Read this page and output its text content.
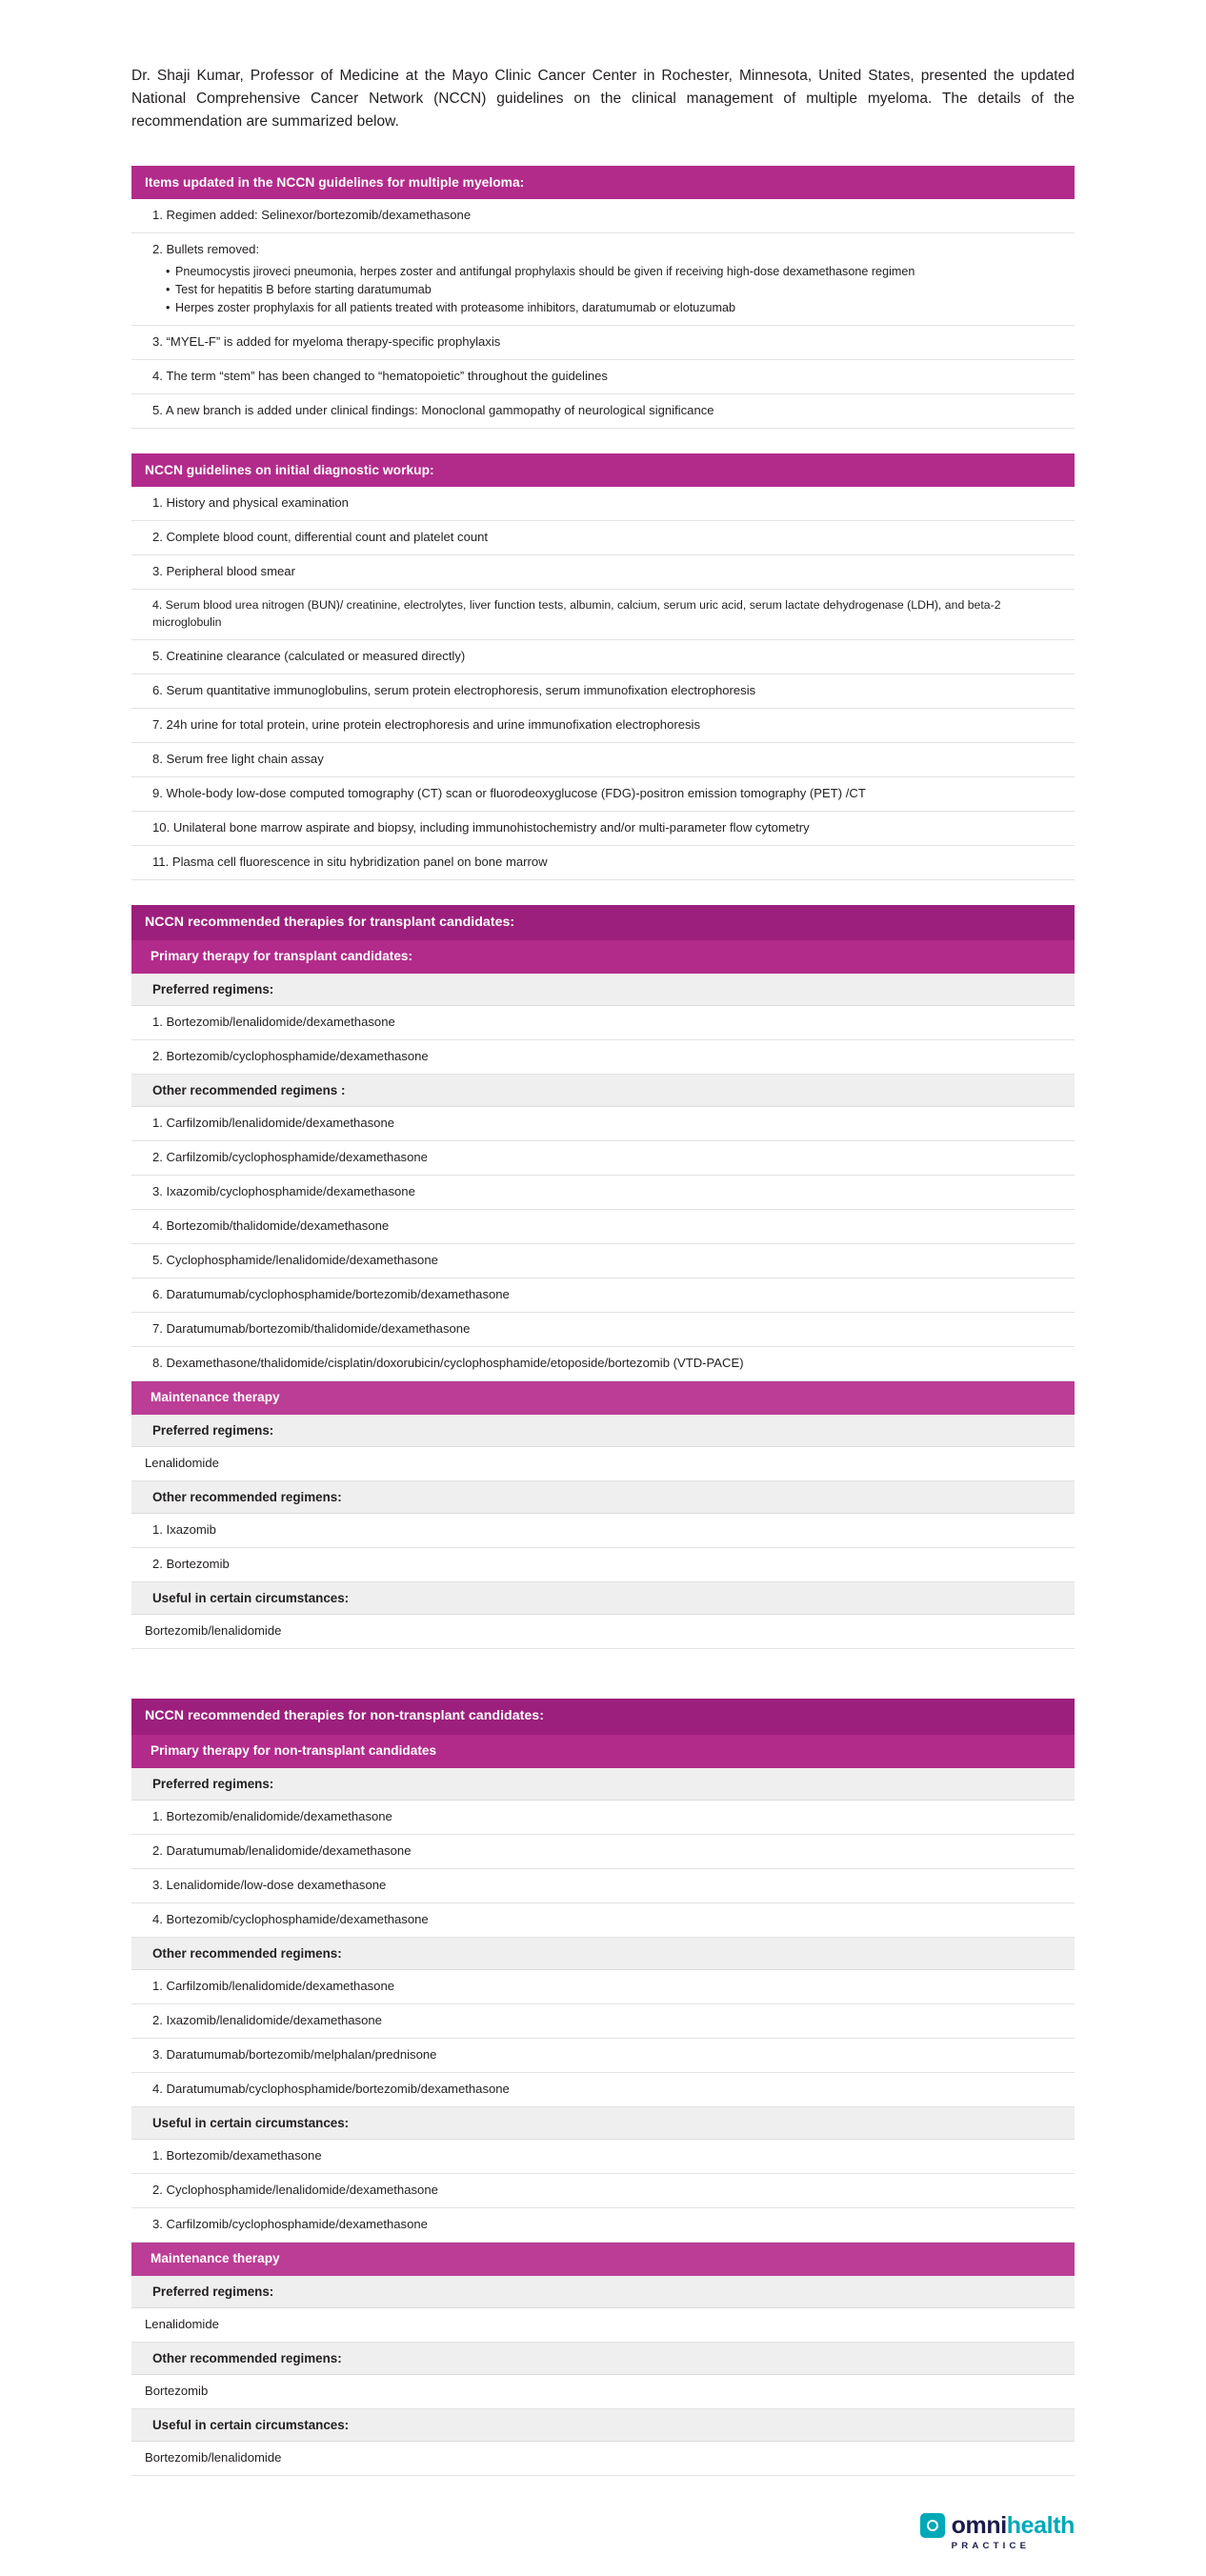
Dr. Shaji Kumar, Professor of Medicine at the Mayo Clinic Cancer Center in Rochester, Minnesota, United States, presented the updated National Comprehensive Cancer Network (NCCN) guidelines on the clinical management of multiple myeloma. The details of the recommendation are summarized below.

Items updated in the NCCN guidelines for multiple myeloma:
1. Regimen added: Selinexor/bortezomib/dexamethasone
2. Bullets removed:
• Pneumocystis jiroveci pneumonia, herpes zoster and antifungal prophylaxis should be given if receiving high-dose dexamethasone regimen
• Test for hepatitis B before starting daratumumab
• Herpes zoster prophylaxis for all patients treated with proteasome inhibitors, daratumumab or elotuzumab
3. “MYEL-F” is added for myeloma therapy-specific prophylaxis
4. The term “stem” has been changed to “hematopoietic” throughout the guidelines
5. A new branch is added under clinical findings: Monoclonal gammopathy of neurological significance
NCCN guidelines on initial diagnostic workup:
1. History and physical examination
2. Complete blood count, differential count and platelet count
3. Peripheral blood smear
4. Serum blood urea nitrogen (BUN)/ creatinine, electrolytes, liver function tests, albumin, calcium, serum uric acid, serum lactate dehydrogenase (LDH), and beta-2 microglobulin
5. Creatinine clearance (calculated or measured directly)
6. Serum quantitative immunoglobulins, serum protein electrophoresis, serum immunofixation electrophoresis
7. 24h urine for total protein, urine protein electrophoresis and urine immunofixation electrophoresis
8. Serum free light chain assay
9. Whole-body low-dose computed tomography (CT) scan or fluorodeoxyglucose (FDG)-positron emission tomography (PET) /CT
10. Unilateral bone marrow aspirate and biopsy, including immunohistochemistry and/or multi-parameter flow cytometry
11. Plasma cell fluorescence in situ hybridization panel on bone marrow
NCCN recommended therapies for transplant candidates:
Primary therapy for transplant candidates:
Preferred regimens:
1. Bortezomib/lenalidomide/dexamethasone
2. Bortezomib/cyclophosphamide/dexamethasone
Other recommended regimens :
1. Carfilzomib/lenalidomide/dexamethasone
2. Carfilzomib/cyclophosphamide/dexamethasone
3. Ixazomib/cyclophosphamide/dexamethasone
4. Bortezomib/thalidomide/dexamethasone
5. Cyclophosphamide/lenalidomide/dexamethasone
6. Daratumumab/cyclophosphamide/bortezomib/dexamethasone
7. Daratumumab/bortezomib/thalidomide/dexamethasone
8. Dexamethasone/thalidomide/cisplatin/doxorubicin/cyclophosphamide/etoposide/bortezomib (VTD-PACE)
Maintenance therapy
Preferred regimens:
Lenalidomide
Other recommended regimens:
1. Ixazomib
2. Bortezomib
Useful in certain circumstances:
Bortezomib/lenalidomide
NCCN recommended therapies for non-transplant candidates:
Primary therapy for non-transplant candidates
Preferred regimens:
1. Bortezomib/enalidomide/dexamethasone
2. Daratumumab/lenalidomide/dexamethasone
3. Lenalidomide/low-dose dexamethasone
4. Bortezomib/cyclophosphamide/dexamethasone
Other recommended regimens:
1. Carfilzomib/lenalidomide/dexamethasone
2. Ixazomib/lenalidomide/dexamethasone
3. Daratumumab/bortezomib/melphalan/prednisone
4. Daratumumab/cyclophosphamide/bortezomib/dexamethasone
Useful in certain circumstances:
1. Bortezomib/dexamethasone
2. Cyclophosphamide/lenalidomide/dexamethasone
3. Carfilzomib/cyclophosphamide/dexamethasone
Maintenance therapy
Preferred regimens:
Lenalidomide
Other recommended regimens:
Bortezomib
Useful in certain circumstances:
Bortezomib/lenalidomide
omni health
PRACTICE
